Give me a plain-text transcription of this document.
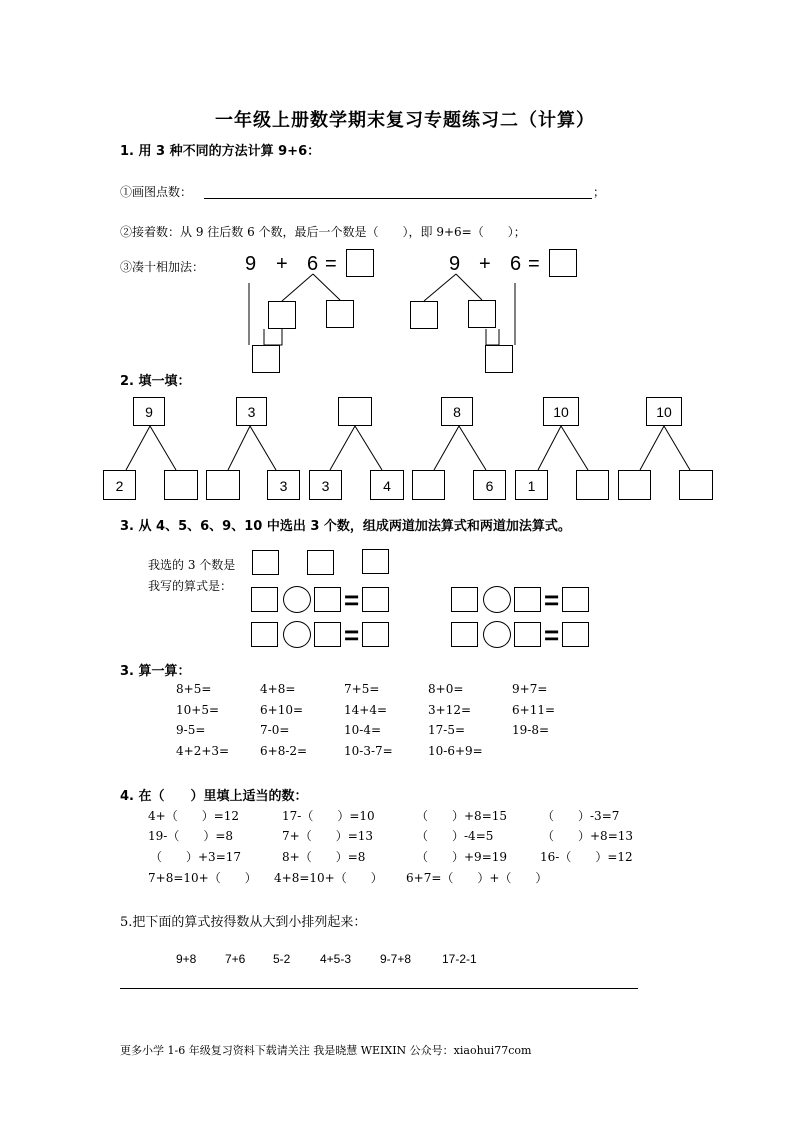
一年级上册数学期末复习专题练习二（计算）
1. 用 3 种不同的方法计算 9+6：
①画图点数：	；
②接着数：从 9 往后数 6 个数，最后一个数是（　　），即 9+6=（　　）；
③凑十相加法： 9 + 6 =	9 + 6 =
2. 填一填：
9
2
3
3	3	4
8
6
10
1
10
3. 从 4、5、6、9、10 中选出 3 个数，组成两道加法算式和两道加法算式。
我选的 3 个数是
我写的算式是：	=
=
=
=
3. 算一算：
8+5=	4+8=	7+5=	8+0=	9+7=
10+5=	6+10=	14+4=	3+12=	6+11=
9-5=	7-0=	10-4=	17-5=	19-8=
4+2+3=	6+8-2=	10-3-7=	10-6+9=
4. 在（　　）里填上适当的数：
4+（　　）=12	17-（　　）=10	（　　）+8=15	（　　）-3=7
19-（　　）=8	7+（　　）=13	（　　）-4=5	（　　）+8=13
（　　）+3=17	8+（　　）=8	（　　）+9=19	16-（　　）=12
7+8=10+（　　） 4+8=10+（　　） 6+7=（　　）+（　　）
5.把下面的算式按得数从大到小排列起来：
9+8 7+6 5-2 4+5-3 9-7+8	17-2-1
更多小学 1-6 年级复习资料下载请关注 我是晓慧 WEIXIN 公众号：xiaohui77com
